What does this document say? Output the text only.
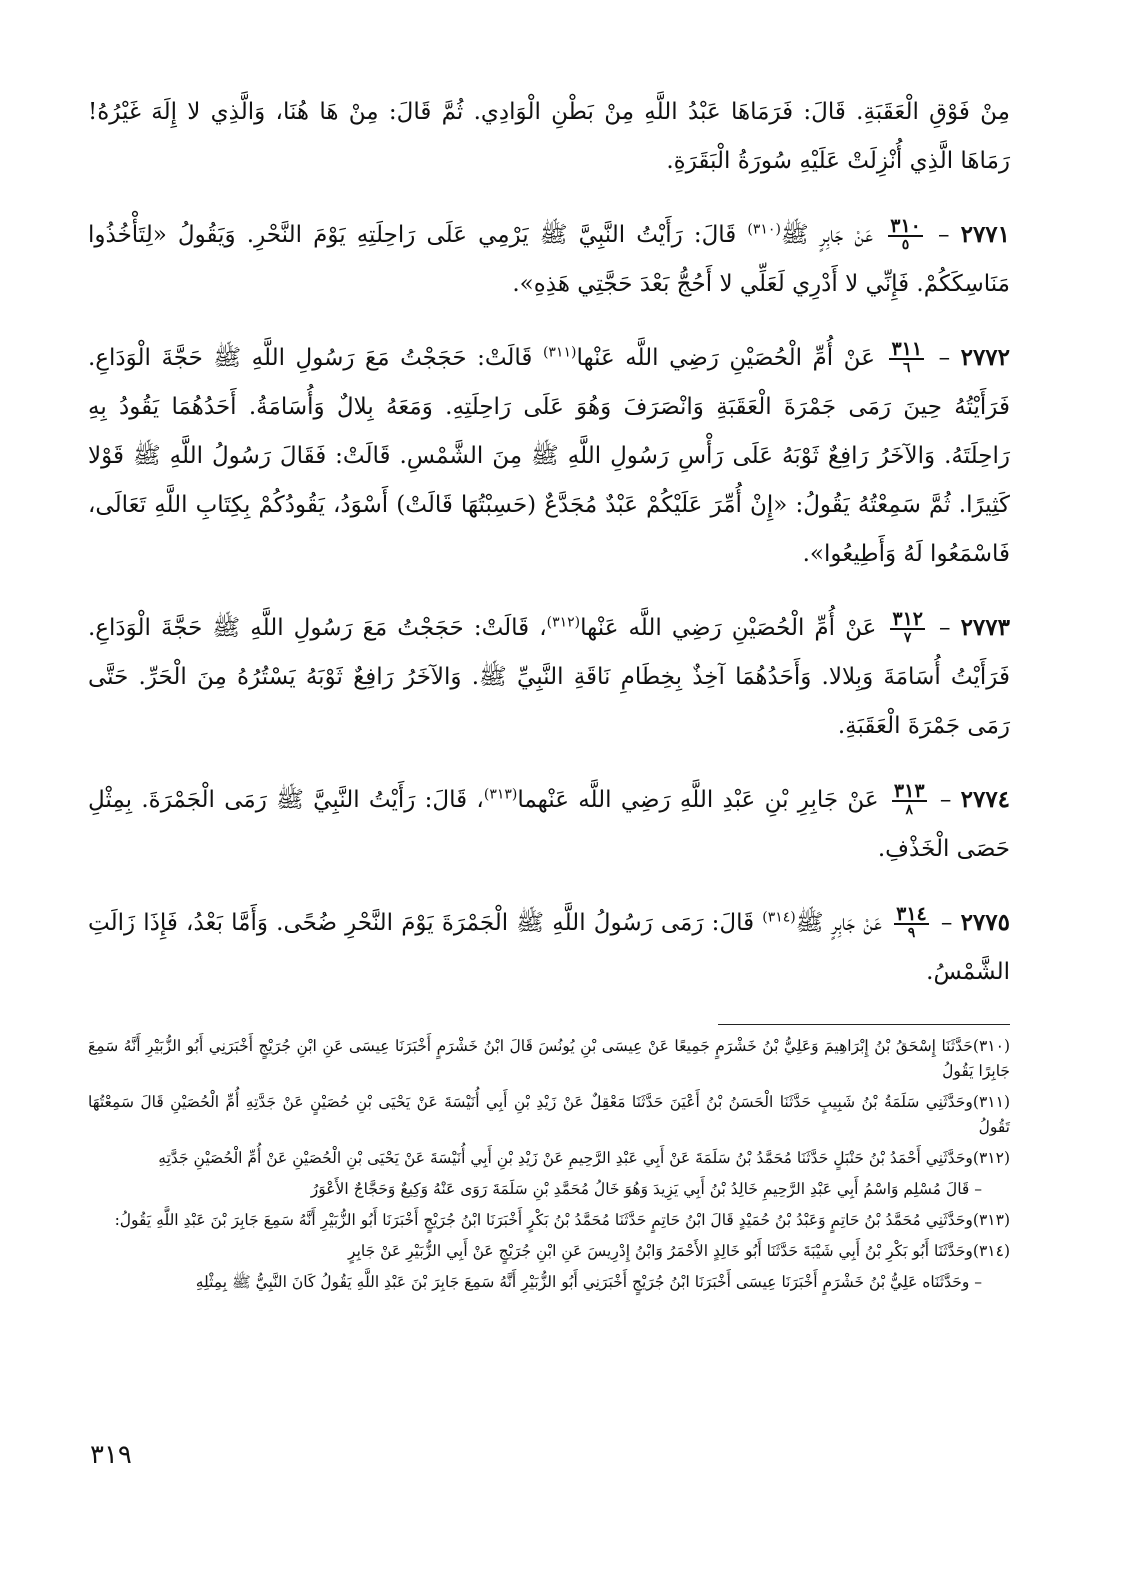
مِنْ فَوْقِ الْعَقَبَةِ. قَالَ: فَرَمَاهَا عَبْدُ اللَّهِ مِنْ بَطْنِ الْوَادِي. ثُمَّ قَالَ: مِنْ هَا هُنَا، وَالَّذِي لا إِلَهَ غَيْرُهُ! رَمَاهَا الَّذِي أُنْزِلَتْ عَلَيْهِ سُورَةُ الْبَقَرَةِ.

٢٧٧١ –
$\frac{٣١٠}{٥}$
عَنْ جَابِرٍ ﷺ$^{(٣١٠)}$ قَالَ: رَأَيْتُ النَّبِيَّ ﷺ يَرْمِي عَلَى رَاحِلَتِهِ يَوْمَ النَّحْرِ. وَيَقُولُ «لِتَأْخُذُوا مَنَاسِكَكُمْ. فَإِنِّي لا أَدْرِي لَعَلِّي لا أَحُجُّ بَعْدَ حَجَّتِي هَذِهِ».

٢٧٧٢ –
$\frac{٣١١}{٦}$
عَنْ أُمِّ الْحُصَيْنِ رَضِي اللَّه عَنْها$^{(٣١١)}$ قَالَتْ: حَجَجْتُ مَعَ رَسُولِ اللَّهِ ﷺ حَجَّةَ الْوَدَاعِ. فَرَأَيْتُهُ حِينَ رَمَى جَمْرَةَ الْعَقَبَةِ وَانْصَرَفَ وَهُوَ عَلَى رَاحِلَتِهِ. وَمَعَهُ بِلالٌ وَأُسَامَةُ. أَحَدُهُمَا يَقُودُ بِهِ رَاحِلَتَهُ. وَالآخَرُ رَافِعٌ ثَوْبَهُ عَلَى رَأْسِ رَسُولِ اللَّهِ ﷺ مِنَ الشَّمْسِ. قَالَتْ: فَقَالَ رَسُولُ اللَّهِ ﷺ قَوْلا كَثِيرًا. ثُمَّ سَمِعْتُهُ يَقُولُ: «إِنْ أُمِّرَ عَلَيْكُمْ عَبْدٌ مُجَدَّعٌ (حَسِبْتُهَا قَالَتْ) أَسْوَدُ، يَقُودُكُمْ بِكِتَابِ اللَّهِ تَعَالَى، فَاسْمَعُوا لَهُ وَأَطِيعُوا».

٢٧٧٣ –
$\frac{٣١٢}{٧}$
عَنْ أُمِّ الْحُصَيْنِ رَضِي اللَّه عَنْها$^{(٣١٢)}$، قَالَتْ: حَجَجْتُ مَعَ رَسُولِ اللَّهِ ﷺ حَجَّةَ الْوَدَاعِ. فَرَأَيْتُ أُسَامَةَ وَبِلالا. وَأَحَدُهُمَا آخِذٌ بِخِطَامِ نَاقَةِ النَّبِيِّ ﷺ. وَالآخَرُ رَافِعٌ ثَوْبَهُ يَسْتُرُهُ مِنَ الْحَرِّ. حَتَّى رَمَى جَمْرَةَ الْعَقَبَةِ.

٢٧٧٤ –
$\frac{٣١٣}{٨}$
عَنْ جَابِرِ بْنِ عَبْدِ اللَّهِ رَضِي اللَّه عَنْهما$^{(٣١٣)}$، قَالَ: رَأَيْتُ النَّبِيَّ ﷺ رَمَى الْجَمْرَةَ. بِمِثْلِ حَصَى الْخَذْفِ.

٢٧٧٥ –
$\frac{٣١٤}{٩}$
عَنْ جَابِرٍ ﷺ$^{(٣١٤)}$ قَالَ: رَمَى رَسُولُ اللَّهِ ﷺ الْجَمْرَةَ يَوْمَ النَّحْرِ ضُحًى. وَأَمَّا بَعْدُ، فَإِذَا زَالَتِ الشَّمْسُ.

(٣١٠)حَدَّثَنَا إِسْحَقُ بْنُ إِبْرَاهِيمَ وَعَلِيُّ بْنُ خَشْرَمٍ جَمِيعًا عَنْ عِيسَى بْنِ يُونُسَ قَالَ ابْنُ خَشْرَمٍ أَخْبَرَنَا عِيسَى عَنِ ابْنِ جُرَيْجٍ أَخْبَرَنِي أَبُو الزُّبَيْرِ أَنَّهُ سَمِعَ جَابِرًا يَقُولُ

(٣١١)وحَدَّثَنِي سَلَمَةُ بْنُ شَبِيبٍ حَدَّثَنَا الْحَسَنُ بْنُ أَعْيَنَ حَدَّثَنَا مَعْقِلٌ عَنْ زَيْدِ بْنِ أَبِي أُنَيْسَةَ عَنْ يَحْيَى بْنِ حُصَيْنٍ عَنْ جَدَّتِهِ أُمِّ الْحُصَيْنِ قَالَ سَمِعْتُهَا تَقُولُ

(٣١٢)وحَدَّثَنِي أَحْمَدُ بْنُ حَنْبَلٍ حَدَّثَنَا مُحَمَّدُ بْنُ سَلَمَةَ عَنْ أَبِي عَبْدِ الرَّحِيمِ عَنْ زَيْدِ بْنِ أَبِي أُنَيْسَةَ عَنْ يَحْيَى بْنِ الْحُصَيْنِ عَنْ أُمِّ الْحُصَيْنِ جَدَّتِهِ

– قَالَ مُسْلِم وَاسْمُ أَبِي عَبْدِ الرَّحِيمِ خَالِدُ بْنُ أَبِي يَزِيدَ وَهُوَ خَالُ مُحَمَّدِ بْنِ سَلَمَةَ رَوَى عَنْهُ وَكِيعٌ وَحَجَّاجٌ الأَعْوَرُ

(٣١٣)وحَدَّثَنِي مُحَمَّدُ بْنُ حَاتِمٍ وَعَبْدُ بْنُ حُمَيْدٍ قَالَ ابْنُ حَاتِمٍ حَدَّثَنَا مُحَمَّدُ بْنُ بَكْرٍ أَخْبَرَنَا ابْنُ جُرَيْجٍ أَخْبَرَنَا أَبُو الزُّبَيْرِ أَنَّهُ سَمِعَ جَابِرَ بْنَ عَبْدِ اللَّهِ يَقُولُ:

(٣١٤)وحَدَّثَنَا أَبُو بَكْرِ بْنُ أَبِي شَيْبَةَ حَدَّثَنَا أَبُو خَالِدٍ الأَحْمَرُ وَابْنُ إِدْرِيسَ عَنِ ابْنِ جُرَيْجٍ عَنْ أَبِي الزُّبَيْرِ عَنْ جَابِرٍ

– وحَدَّثَنَاه عَلِيُّ بْنُ خَشْرَمٍ أَخْبَرَنَا عِيسَى أَخْبَرَنَا ابْنُ جُرَيْجٍ أَخْبَرَنِي أَبُو الزُّبَيْرِ أَنَّهُ سَمِعَ جَابِرَ بْنَ عَبْدِ اللَّهِ يَقُولُ كَانَ النَّبِيُّ ﷺ بِمِثْلِهِ

٣١٩
